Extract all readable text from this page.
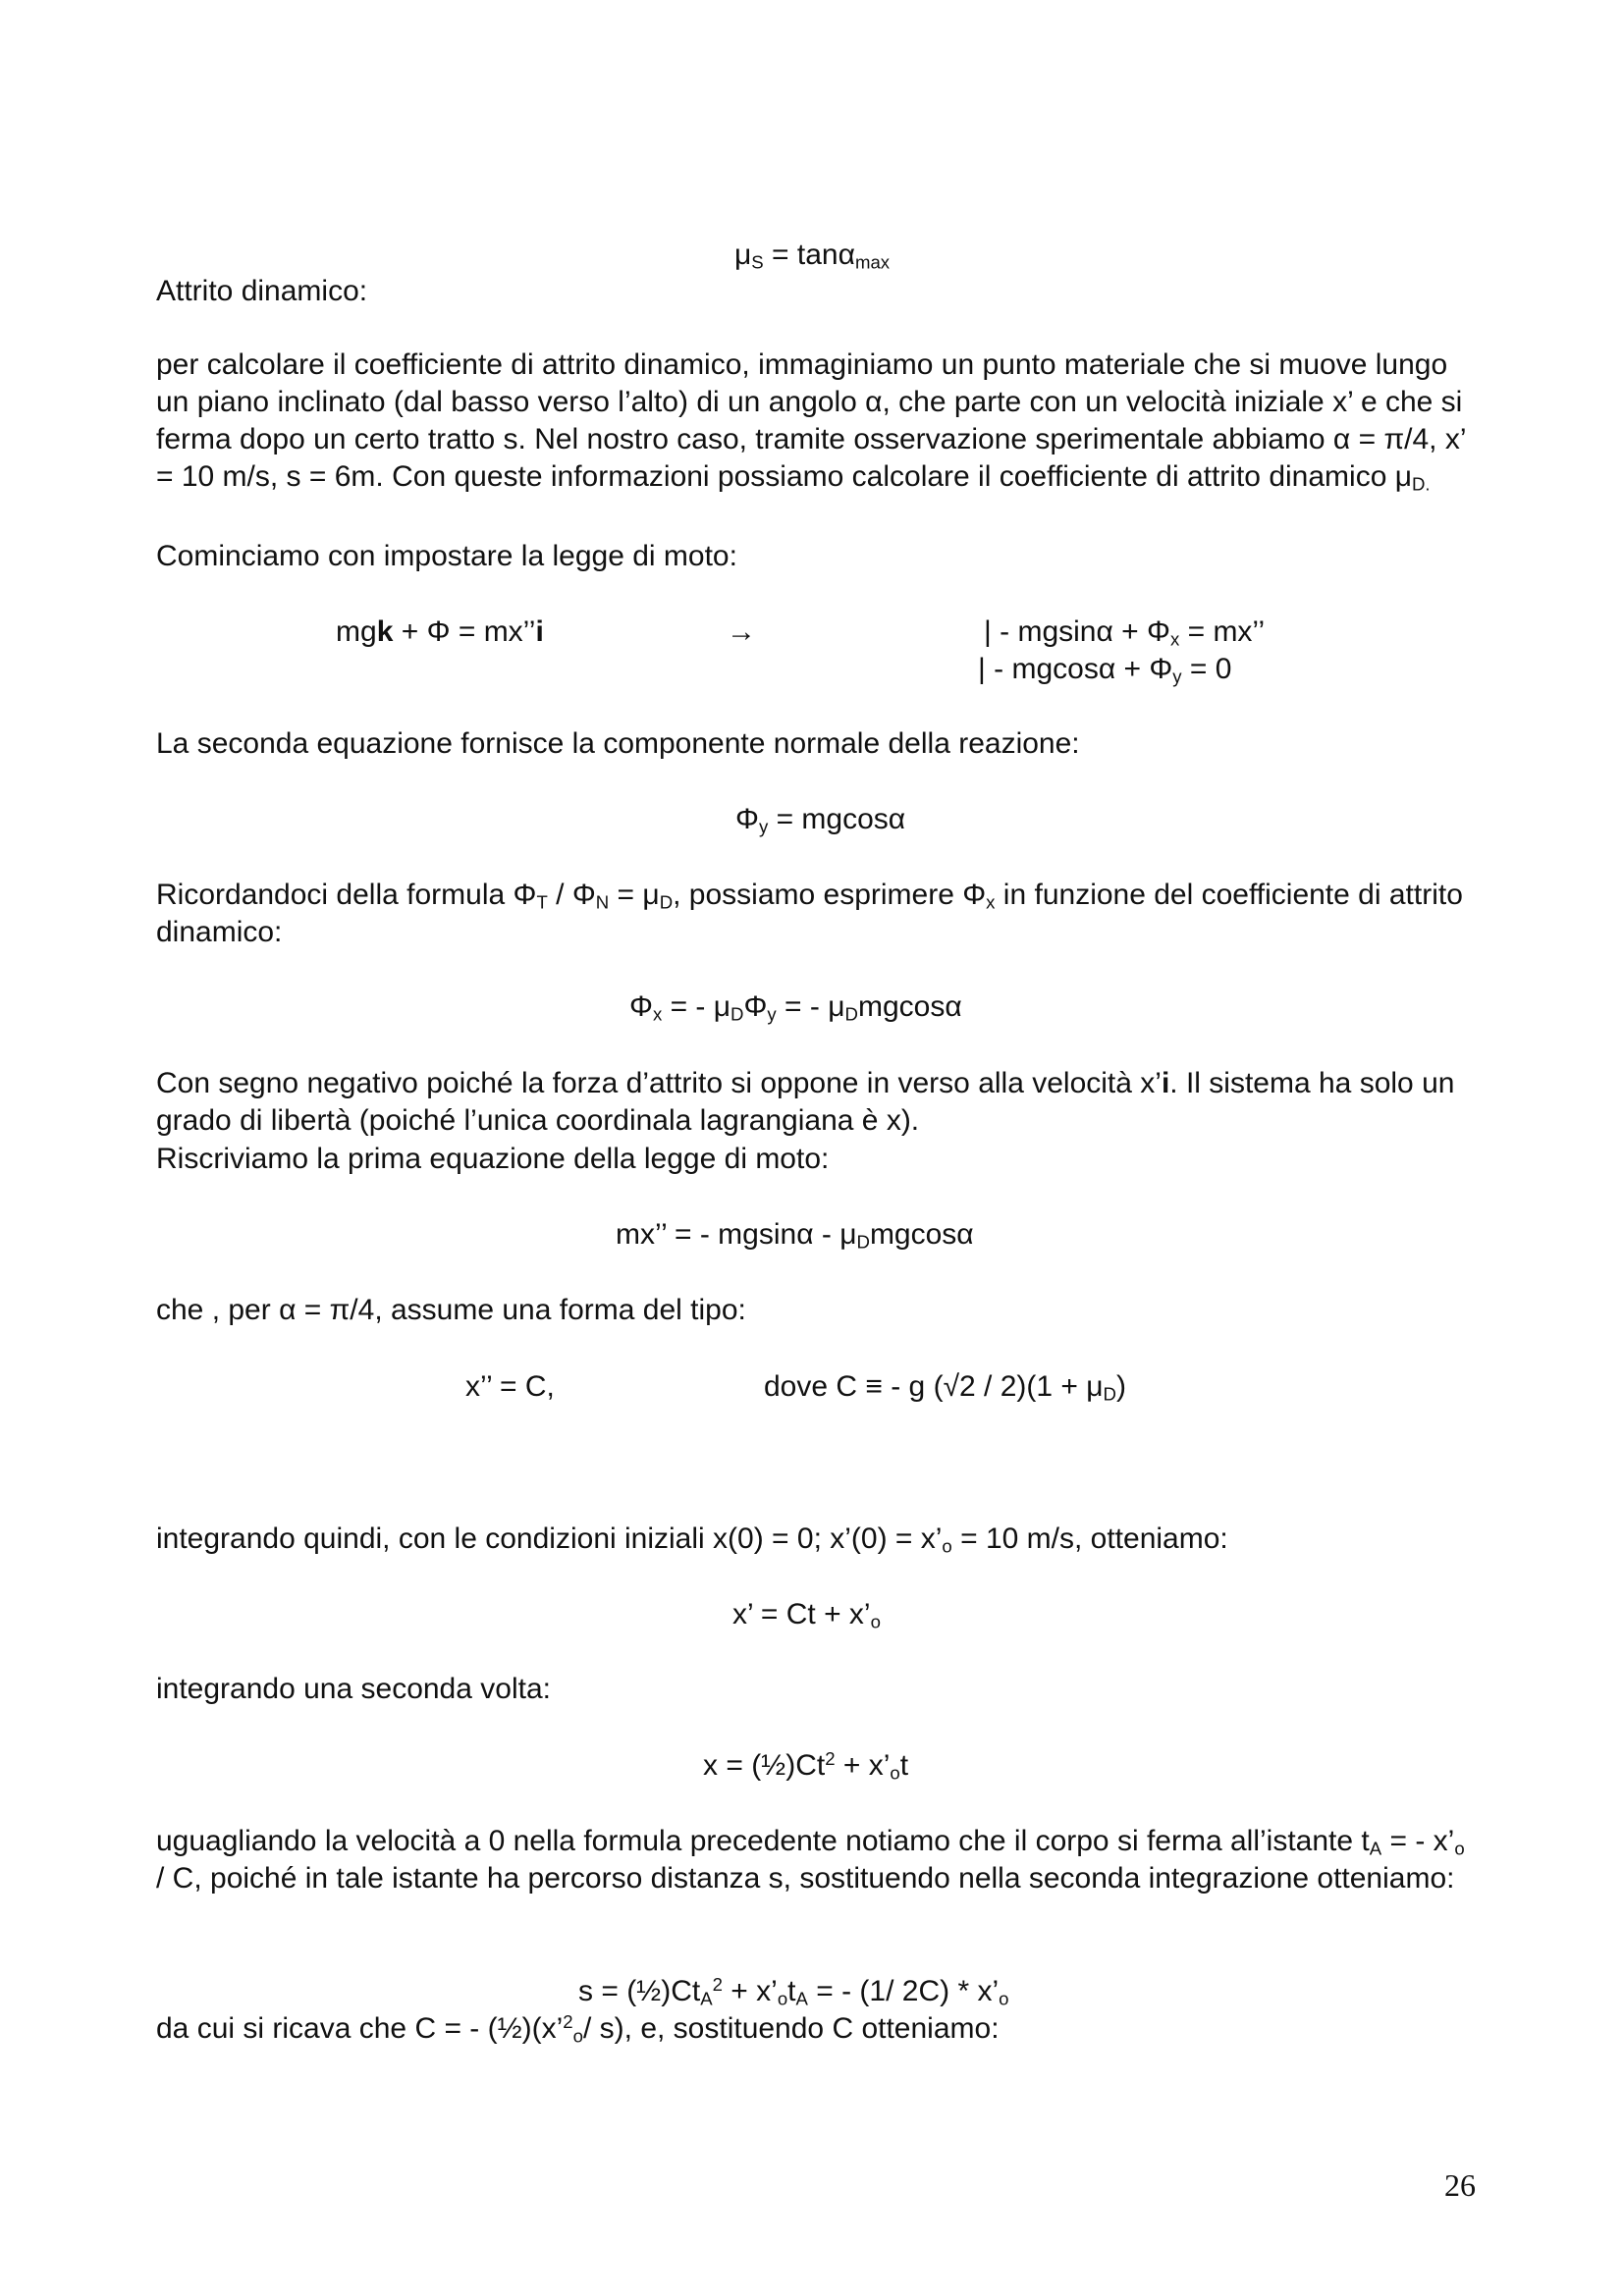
$\mu_S = \tan\alpha_{max}$
Attrito dinamico:
per calcolare il coefficiente di attrito dinamico, immaginiamo un punto materiale che si muove lungo un piano inclinato (dal basso verso l’alto) di un angolo α, che parte con un velocità iniziale x’ e che si ferma dopo un certo tratto s. Nel nostro caso, tramite osservazione sperimentale abbiamo α = π/4, x’ = 10 m/s, s = 6m. Con queste informazioni possiamo calcolare il coefficiente di attrito dinamico $\mu_{D.}$
Cominciamo con impostare la legge di moto:
mgk + Φ = mx’’i	→	| - $mgsin\alpha + \Phi_x$ = mx’’
| - $mgcos\alpha + \Phi_y = 0$
La seconda equazione fornisce la componente normale della reazione:
$\Phi_y = mgcos\alpha$
Ricordandoci della formula $\Phi_T / \Phi_N = \mu_D$, possiamo esprimere $\Phi_x$ in funzione del coefficiente di attrito dinamico:
$\Phi_x$ = - $\mu_D\Phi_y$ = - $\mu_Dmgcos\alpha$
Con segno negativo poiché la forza d’attrito si oppone in verso alla velocità x’i. Il sistema ha solo un grado di libertà (poiché l’unica coordinala lagrangiana è x).
Riscriviamo la prima equazione della legge di moto:
mx’’ = - mgsinα - $\mu_Dmgcos\alpha$
che , per α = π/4, assume una forma del tipo:
x’’ = C,	dove C ≡ - g $(√2 / 2)(1 + \mu_D)$
integrando quindi, con le condizioni iniziali x(0) = 0; x’(0) = $x’_o = 10$ m/s, otteniamo:
x’ = $Ct + x’_o$
integrando una seconda volta:
$x = (\frac{1}{2})Ct^2$ + $x’_ot$
uguagliando la velocità a 0 nella formula precedente notiamo che il corpo si ferma all’istante $t_A$ = - $x’_o$ / C, poiché in tale istante ha percorso distanza s, sostituendo nella seconda integrazione otteniamo:
$s = (\frac{1}{2})Ct_A^2$ + $x’_ot_A$ = - (1/ $2C) * x’_o$
da cui si ricava che C = - (½)(x’$^2_o$/ s), e, sostituendo C otteniamo:
26
